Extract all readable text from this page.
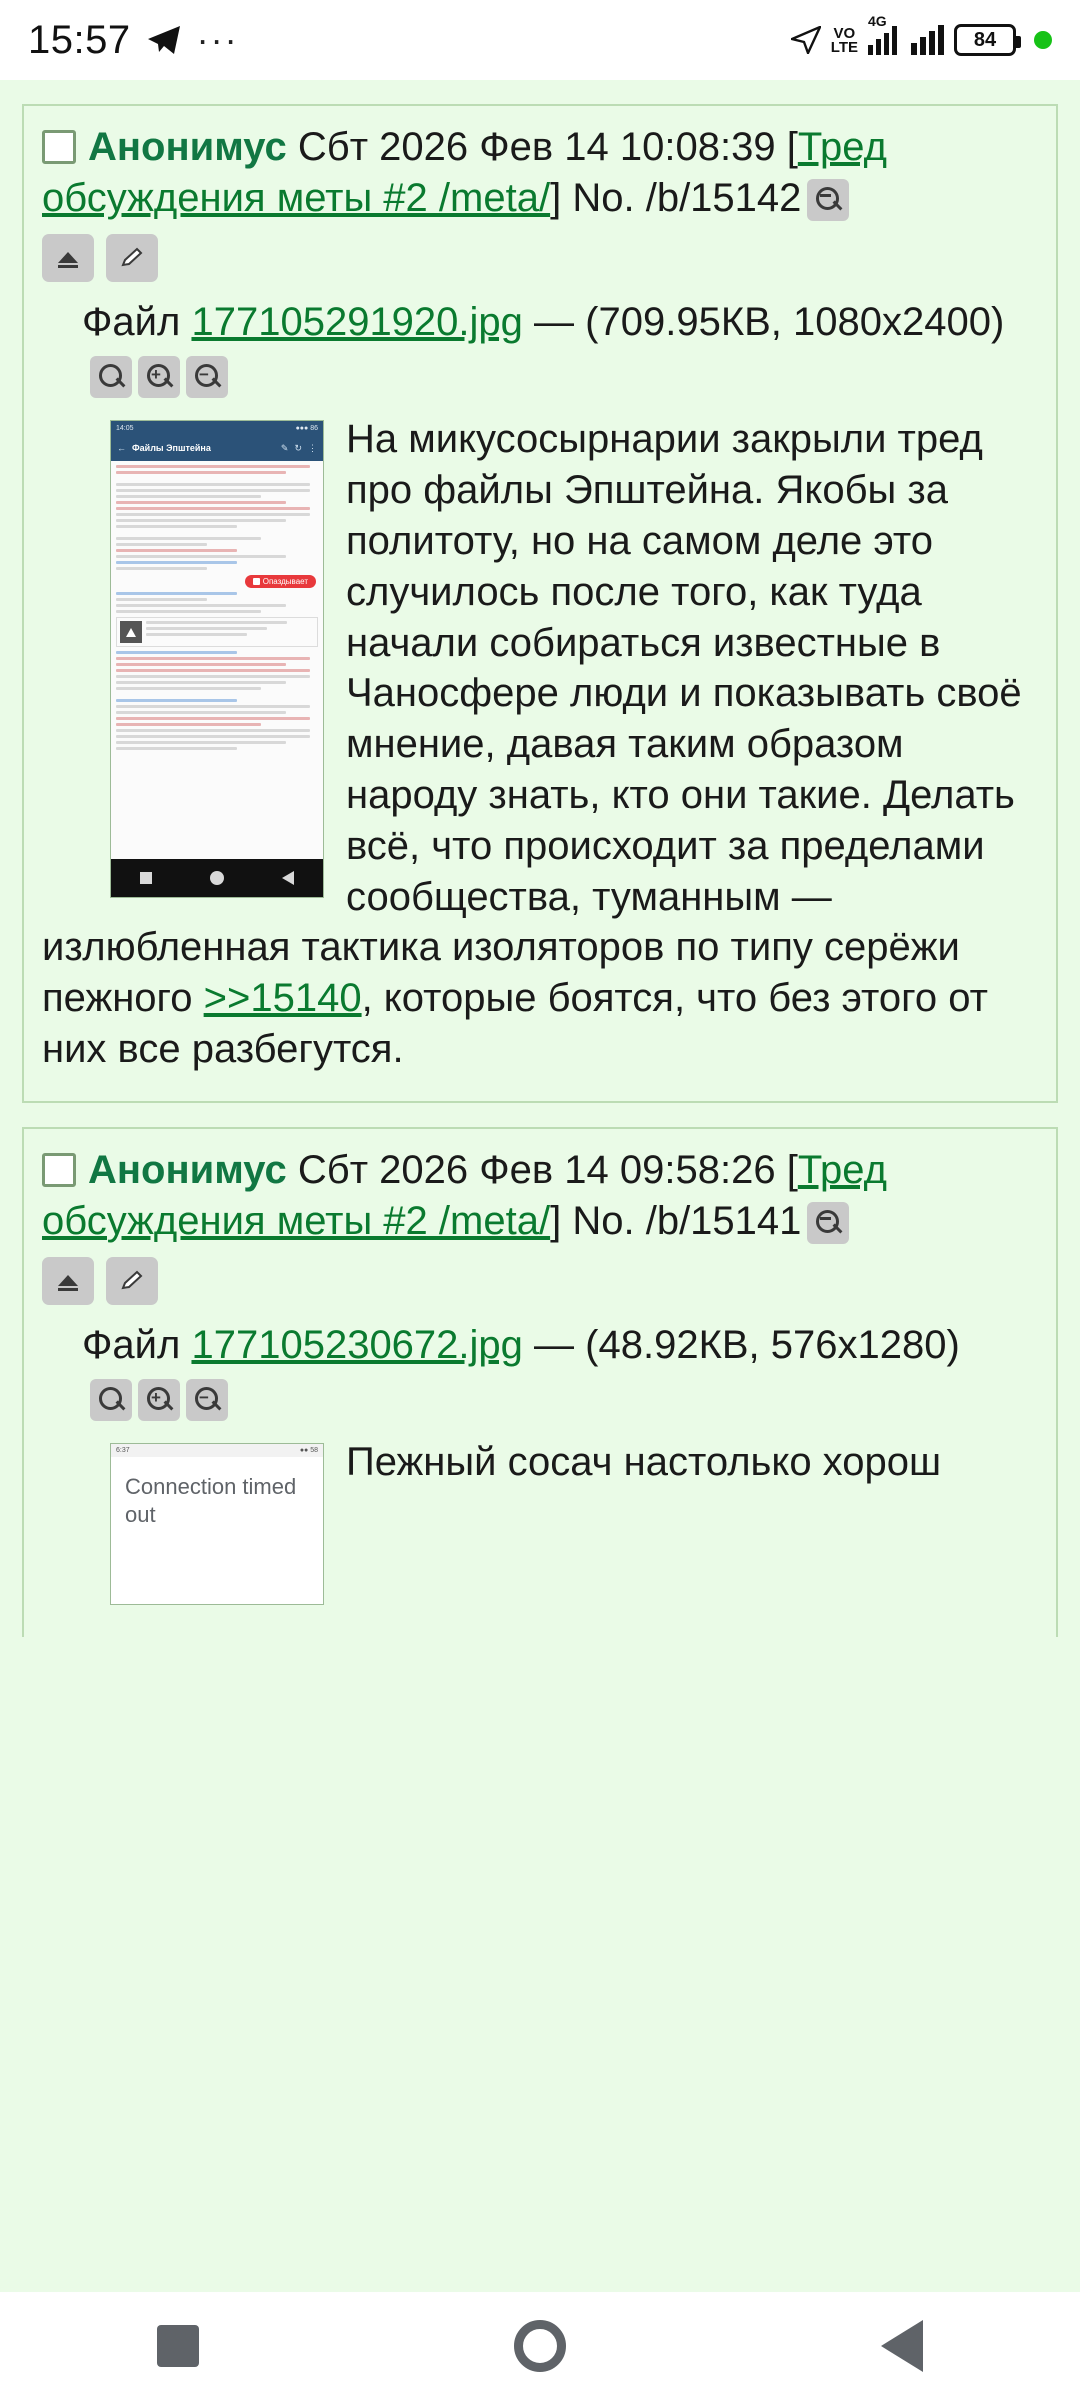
15:57 ···	VO
LTE
4G
84
Анонимус Сбт 2026 Фев 14 10:08:39 [Тред обсуждения меты #2 /meta/] No. /b/15142
Файл 177105291920.jpg — (709.95КВ, 1080x2400)
+ −
14:05	●●● 86
← Файлы Эпштейна	✎ ↻ ⋮
Опаздывает
На микусосырнарии закрыли тред про файлы Эпштейна. Якобы за политоту, но на самом деле это случилось после того, как туда начали собираться известные в Чаносфере люди и показывать своё мнение, давая таким образом народу знать, кто они такие. Делать всё, что происходит за пределами сообщества, туманным — излюбленная тактика изоляторов по типу серёжи пежного >>15140, которые боятся, что без этого от них все разбегутся.
Анонимус Сбт 2026 Фев 14 09:58:26 [Тред обсуждения меты #2 /meta/] No. /b/15141
Файл 177105230672.jpg — (48.92КВ, 576x1280)
+ −
6:37	●● 58
Connection timed out
Пежный сосач настолько хорош
